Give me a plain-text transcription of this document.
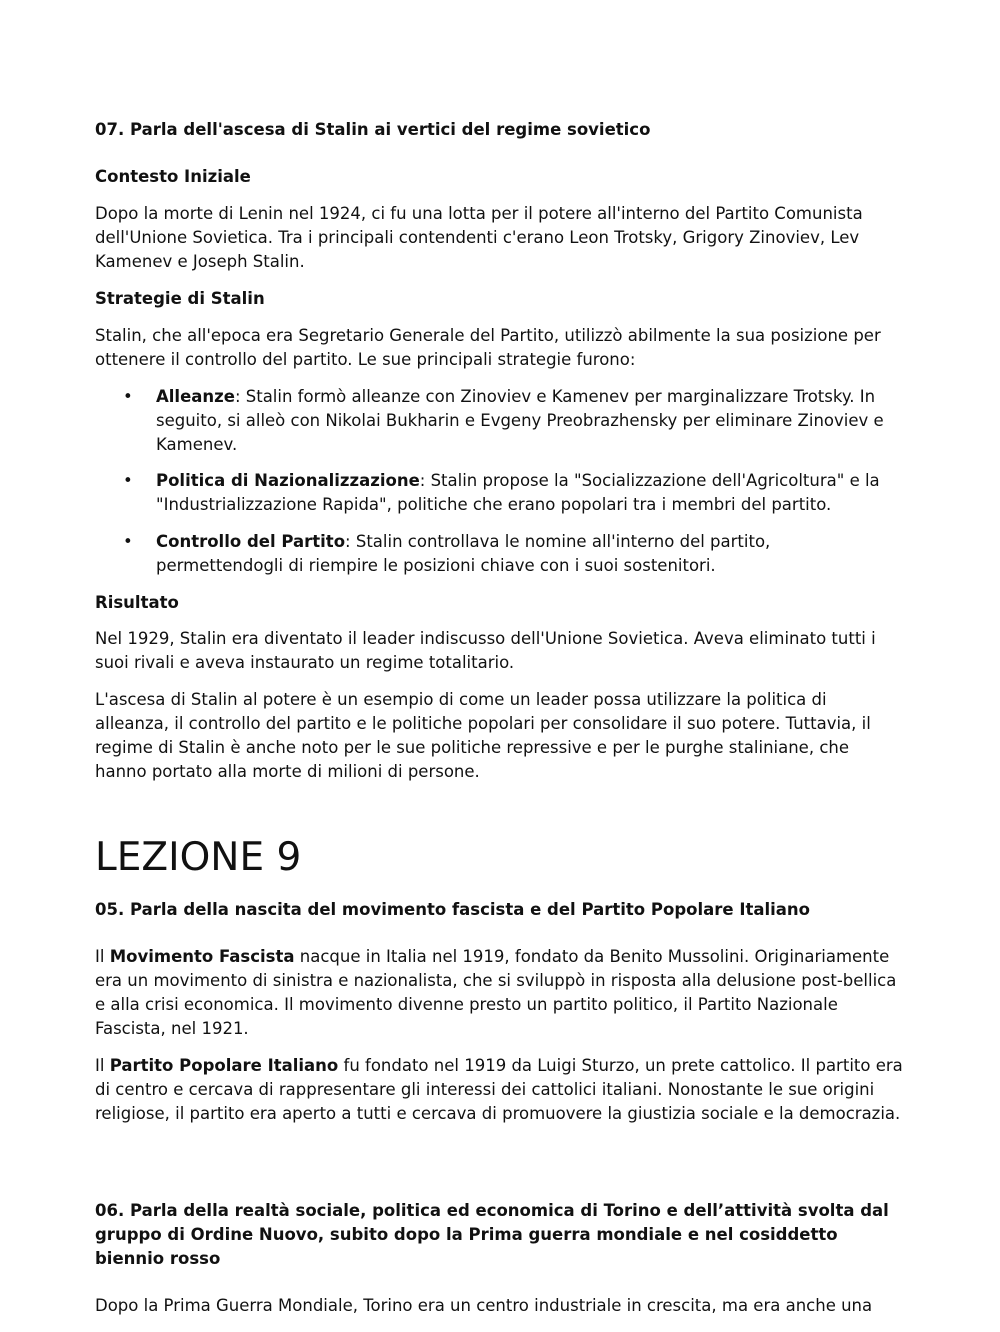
07. Parla dell'ascesa di Stalin ai vertici del regime sovietico

Contesto Iniziale

Dopo la morte di Lenin nel 1924, ci fu una lotta per il potere all'interno del Partito Comunista dell'Unione Sovietica. Tra i principali contendenti c'erano Leon Trotsky, Grigory Zinoviev, Lev Kamenev e Joseph Stalin.

Strategie di Stalin

Stalin, che all'epoca era Segretario Generale del Partito, utilizzò abilmente la sua posizione per ottenere il controllo del partito. Le sue principali strategie furono:

• Alleanze: Stalin formò alleanze con Zinoviev e Kamenev per marginalizzare Trotsky. In seguito, si alleò con Nikolai Bukharin e Evgeny Preobrazhensky per eliminare Zinoviev e Kamenev.
• Politica di Nazionalizzazione: Stalin propose la "Socializzazione dell'Agricoltura" e la "Industrializzazione Rapida", politiche che erano popolari tra i membri del partito.
• Controllo del Partito: Stalin controllava le nomine all'interno del partito, permettendogli di riempire le posizioni chiave con i suoi sostenitori.

Risultato

Nel 1929, Stalin era diventato il leader indiscusso dell'Unione Sovietica. Aveva eliminato tutti i suoi rivali e aveva instaurato un regime totalitario.

L'ascesa di Stalin al potere è un esempio di come un leader possa utilizzare la politica di alleanza, il controllo del partito e le politiche popolari per consolidare il suo potere. Tuttavia, il regime di Stalin è anche noto per le sue politiche repressive e per le purghe staliniane, che hanno portato alla morte di milioni di persone.

LEZIONE 9

05. Parla della nascita del movimento fascista e del Partito Popolare Italiano

Il Movimento Fascista nacque in Italia nel 1919, fondato da Benito Mussolini. Originariamente era un movimento di sinistra e nazionalista, che si sviluppò in risposta alla delusione post-bellica e alla crisi economica. Il movimento divenne presto un partito politico, il Partito Nazionale Fascista, nel 1921.

Il Partito Popolare Italiano fu fondato nel 1919 da Luigi Sturzo, un prete cattolico. Il partito era di centro e cercava di rappresentare gli interessi dei cattolici italiani. Nonostante le sue origini religiose, il partito era aperto a tutti e cercava di promuovere la giustizia sociale e la democrazia.

06. Parla della realtà sociale, politica ed economica di Torino e dell’attività svolta dal gruppo di Ordine Nuovo, subito dopo la Prima guerra mondiale e nel cosiddetto biennio rosso

Dopo la Prima Guerra Mondiale, Torino era un centro industriale in crescita, ma era anche una
